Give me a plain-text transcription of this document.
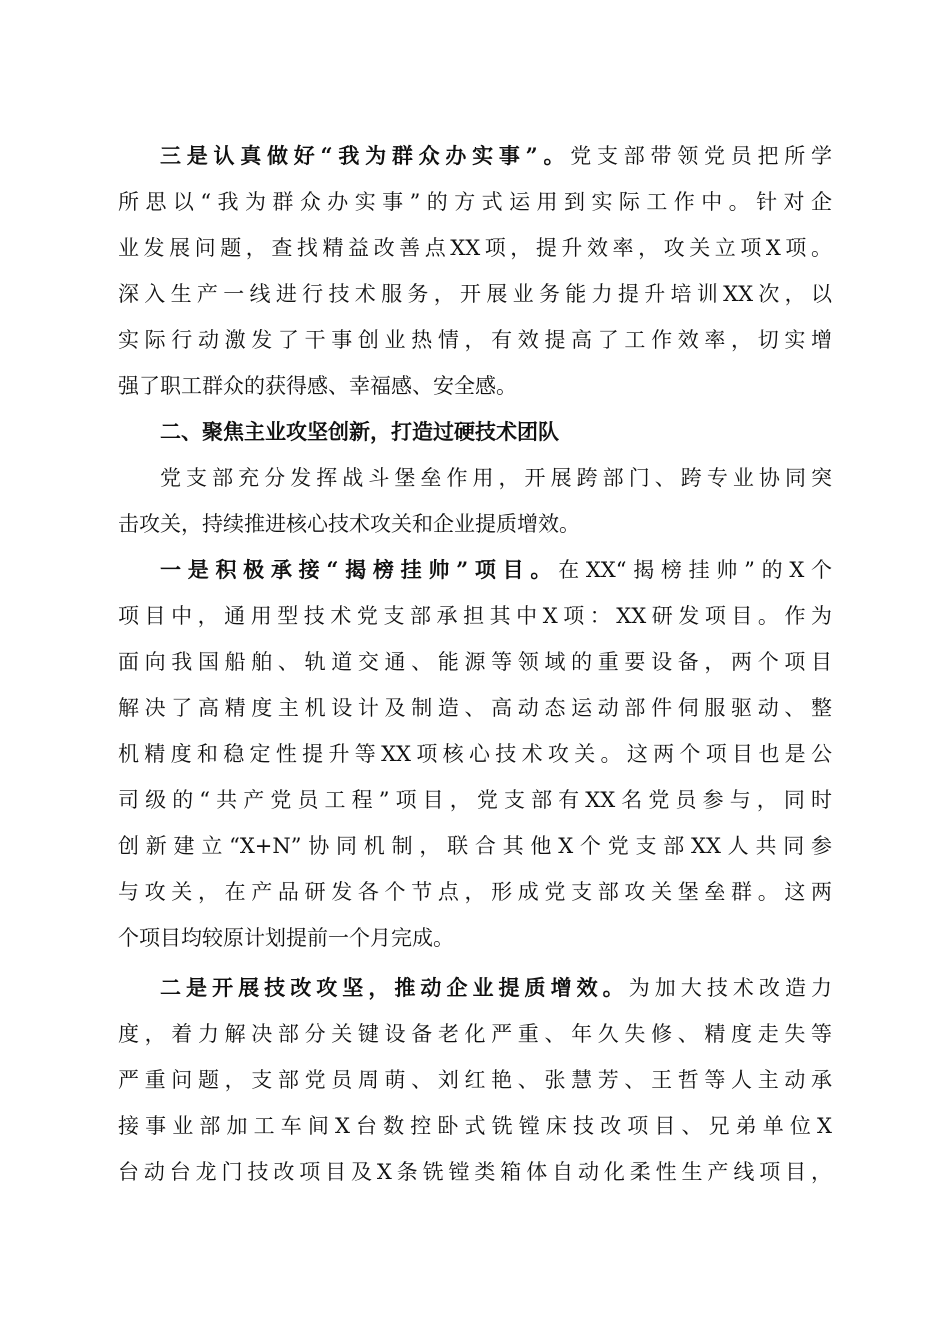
三是认真做好“我为群众办实事”。党支部带领党员把所学
所思以“我为群众办实事”的方式运用到实际工作中。针对企
业发展问题，查找精益改善点XX项，提升效率，攻关立项X项。
深入生产一线进行技术服务，开展业务能力提升培训XX次，以
实际行动激发了干事创业热情，有效提高了工作效率，切实增
强了职工群众的获得感、幸福感、安全感。
二、聚焦主业攻坚创新，打造过硬技术团队
党支部充分发挥战斗堡垒作用，开展跨部门、跨专业协同突
击攻关，持续推进核心技术攻关和企业提质增效。
一是积极承接“揭榜挂帅”项目。在XX“揭榜挂帅”的X个
项目中，通用型技术党支部承担其中X项：XX研发项目。作为
面向我国船舶、轨道交通、能源等领域的重要设备，两个项目
解决了高精度主机设计及制造、高动态运动部件伺服驱动、整
机精度和稳定性提升等XX项核心技术攻关。这两个项目也是公
司级的“共产党员工程”项目，党支部有XX名党员参与，同时
创新建立“X+N”协同机制，联合其他X个党支部XX人共同参
与攻关，在产品研发各个节点，形成党支部攻关堡垒群。这两
个项目均较原计划提前一个月完成。
二是开展技改攻坚，推动企业提质增效。为加大技术改造力
度，着力解决部分关键设备老化严重、年久失修、精度走失等
严重问题，支部党员周萌、刘红艳、张慧芳、王哲等人主动承
接事业部加工车间X台数控卧式铣镗床技改项目、兄弟单位X
台动台龙门技改项目及X条铣镗类箱体自动化柔性生产线项目，
